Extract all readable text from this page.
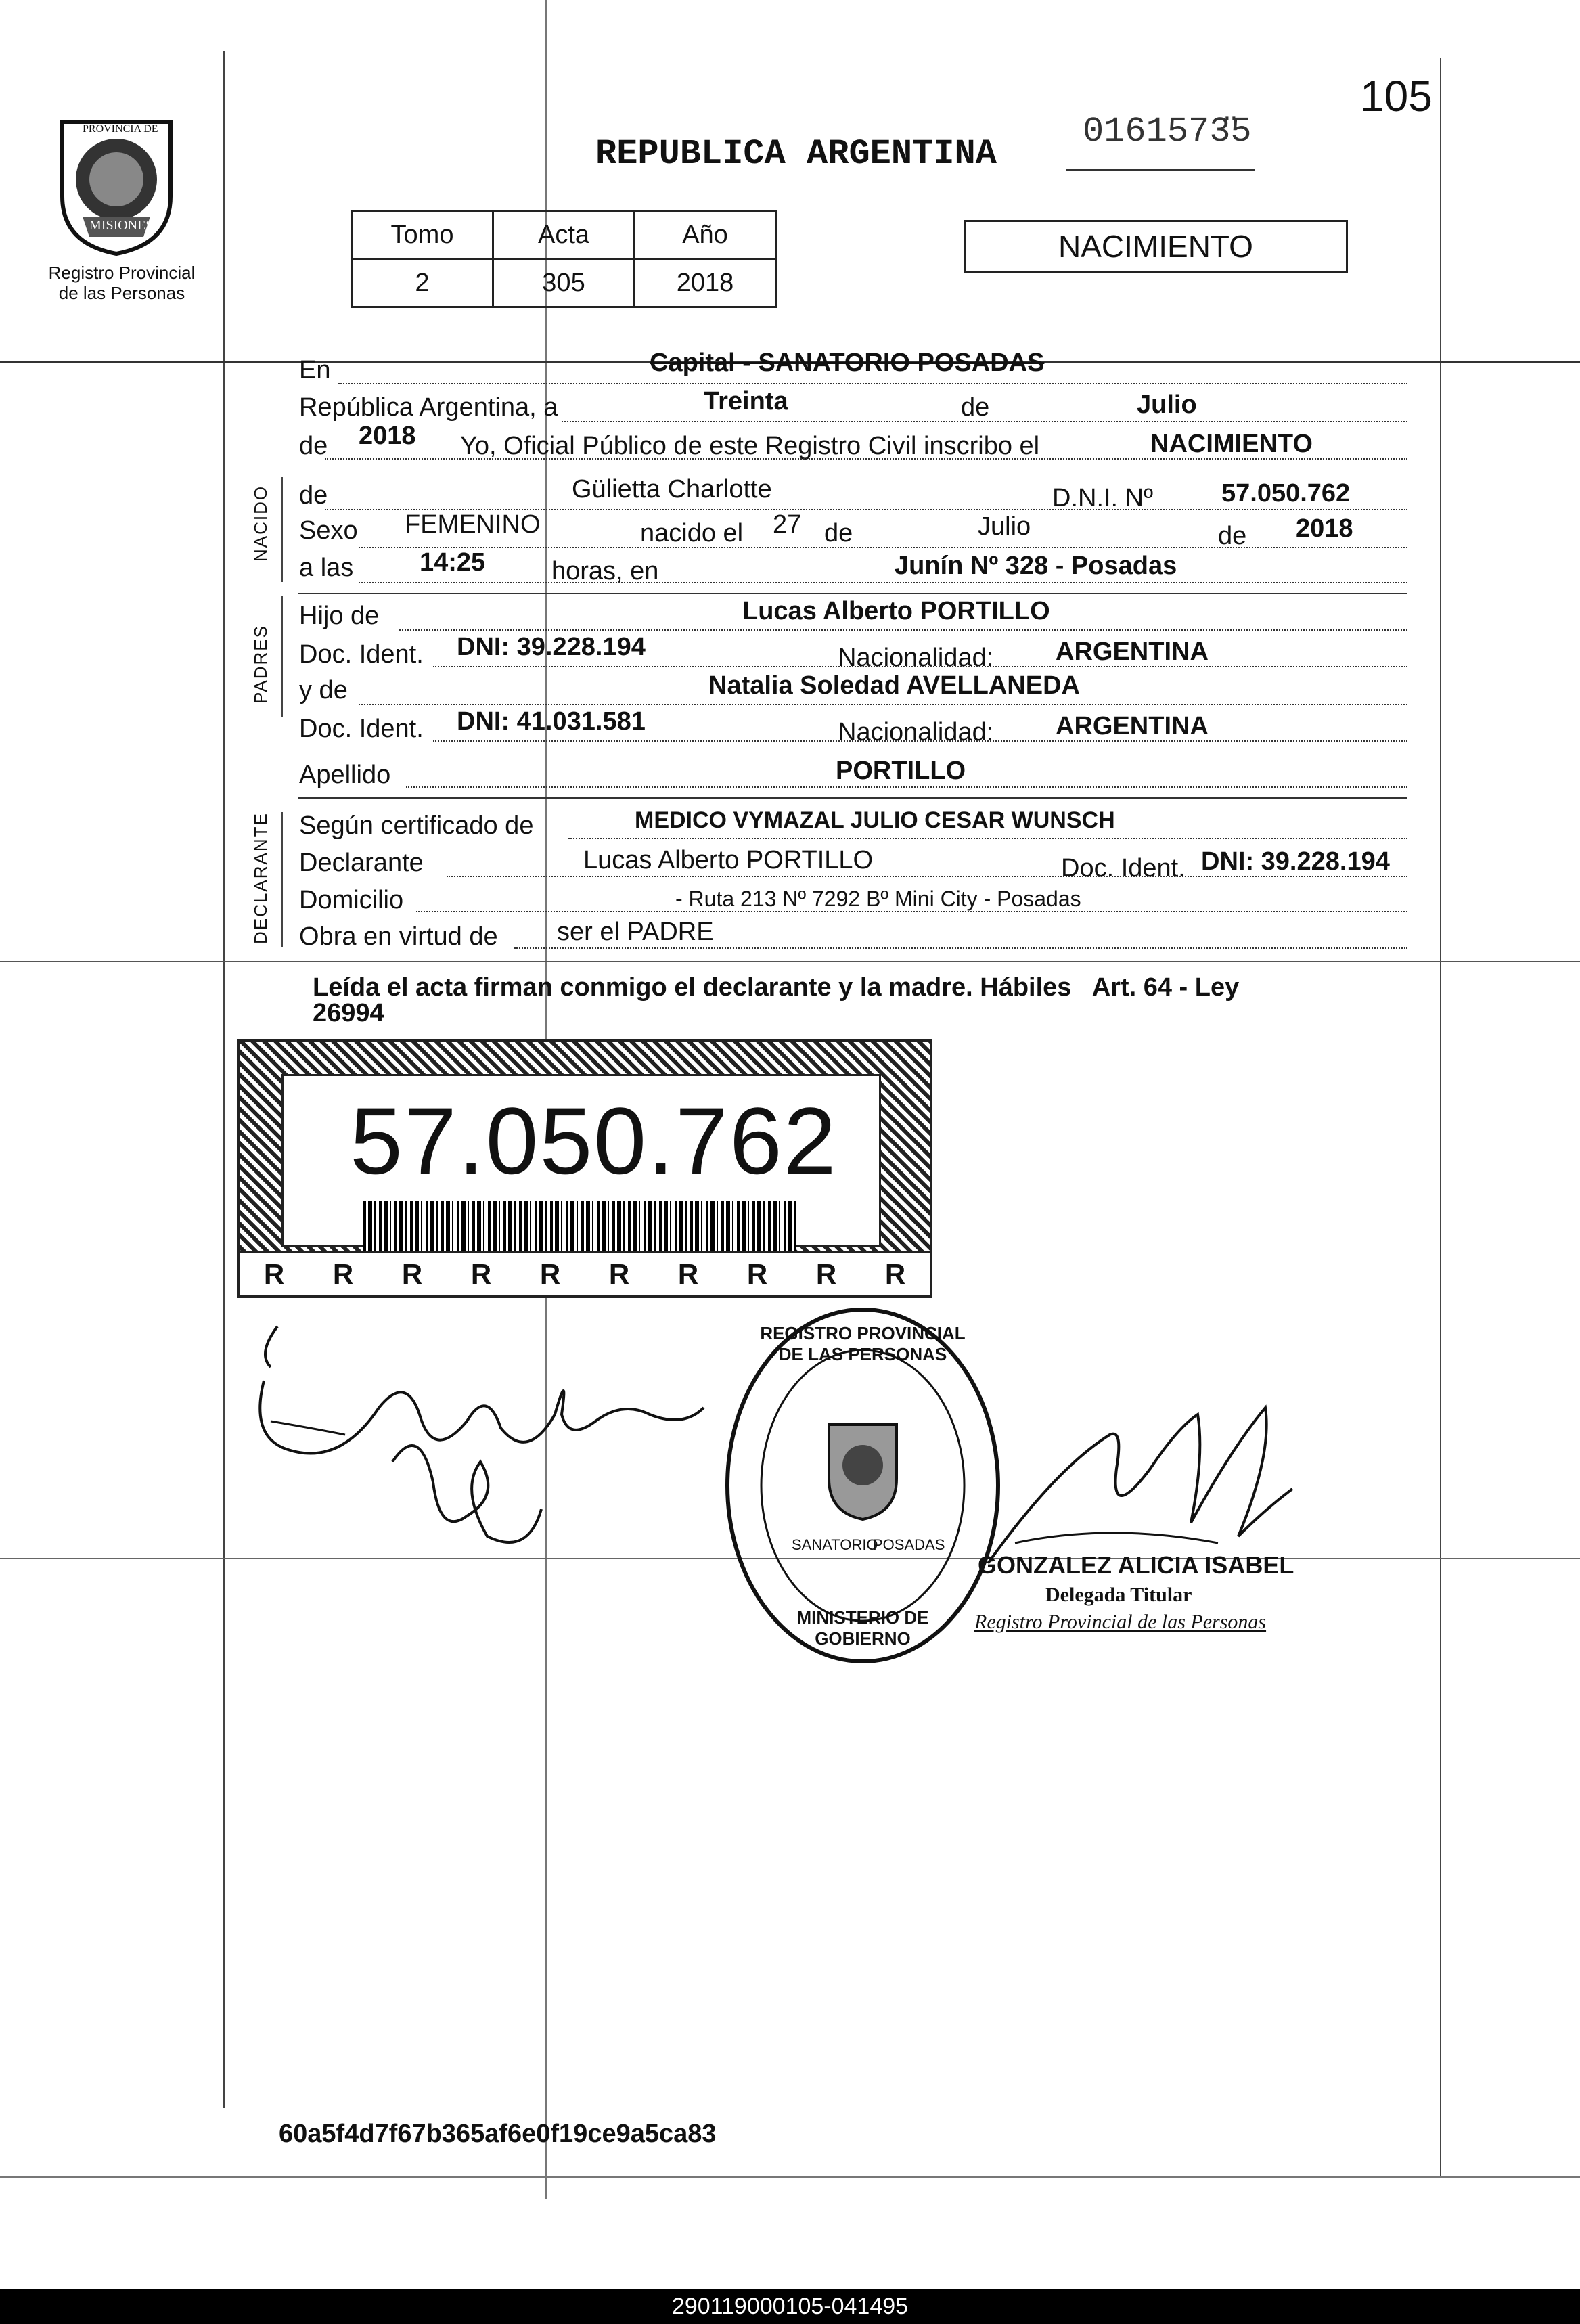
PROVINCIA DE
MISIONES
Registro Provincial
de las Personas
REPUBLICA ARGENTINA
0161573̈5
105
Tomo	Acta	Año
2	305	2018
NACIMIENTO
En	Capital - SANATORIO POSADAS
República Argentina, a	Treinta	de	Julio
de 2018 Yo, Oficial Público de este Registro Civil inscribo el	NACIMIENTO
NACIDO
PADRES
DECLARANTE
de	Gülietta Charlotte	D.N.I. Nº	57.050.762
Sexo FEMENINO	nacido el 27 de	Julio	de 2018
a las	14:25	horas, en	Junín Nº 328 - Posadas
Hijo de	Lucas Alberto PORTILLO
Doc. Ident. DNI: 39.228.194	Nacionalidad: ARGENTINA
y de	Natalia Soledad AVELLANEDA
Doc. Ident. DNI: 41.031.581	Nacionalidad: ARGENTINA
Apellido	PORTILLO
Según certificado de	MEDICO VYMAZAL JULIO CESAR WUNSCH
Declarante	Lucas Alberto PORTILLO	Doc. Ident. DNI: 39.228.194
Domicilio	- Ruta 213 Nº 7292 Bº Mini City - Posadas
Obra en virtud de ser el PADRE
Leída el acta firman conmigo el declarante y la madre. Hábiles   Art. 64 - Ley
26994
57.050.762
R R R R R R R R R R
REGISTRO PROVINCIAL DE LAS PERSONAS
SANATORIO
POSADAS
MINISTERIO DE GOBIERNO
GONZALEZ ALICIA ISABEL
Delegada Titular
Registro Provincial de las Personas
60a5f4d7f67b365af6e0f19ce9a5ca83
290119000105-041495
